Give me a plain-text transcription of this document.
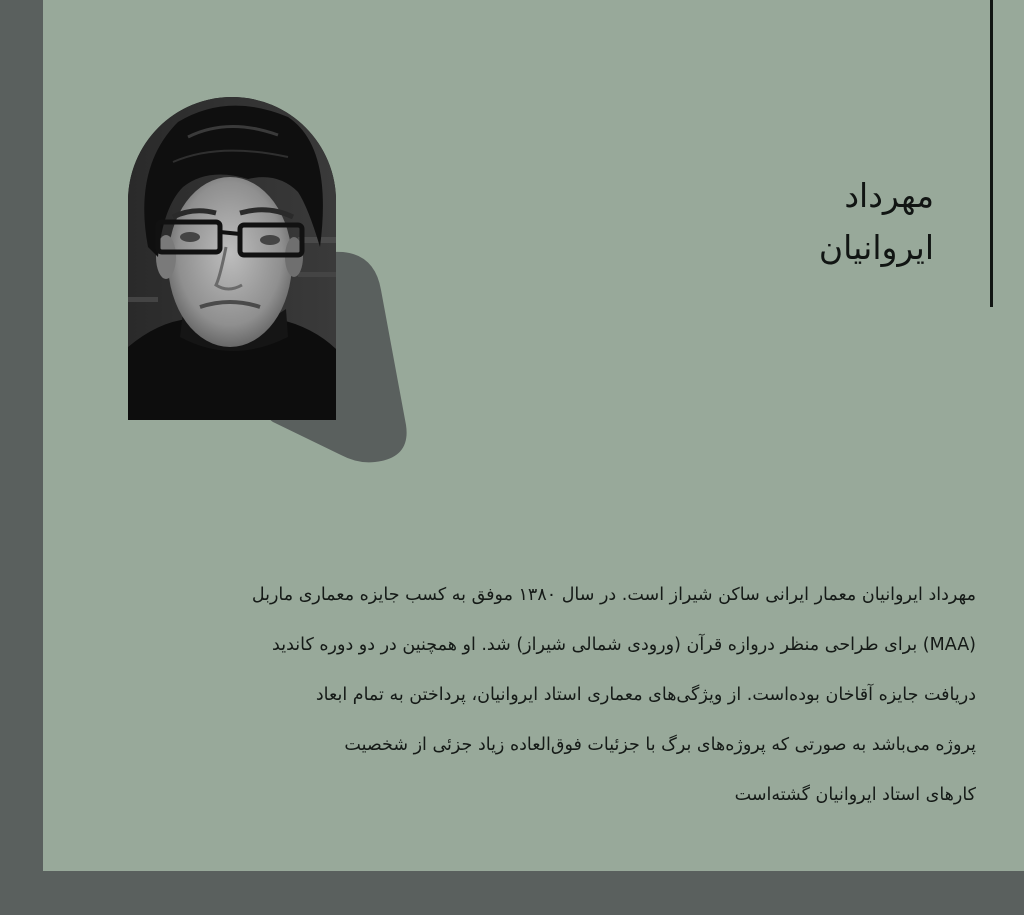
مهرداد
ایروانیان
مهرداد ایروانیان معمار ایرانی ساکن شیراز است. در سال ۱۳۸۰ موفق به کسب جایزه معماری ماربل
(MAA) برای طراحی منظر دروازه قرآن (ورودی شمالی شیراز) شد. او همچنین در دو دوره کاندید
دریافت جایزه آقاخان بوده‌است. از ویژگی‌های معماری استاد ایروانیان، پرداختن به تمام ابعاد
پروژه می‌باشد به صورتی که پروژه‌های برگ با جزئیات فوق‌العاده زیاد جزئی از شخصیت
کارهای استاد ایروانیان گشته‌است
